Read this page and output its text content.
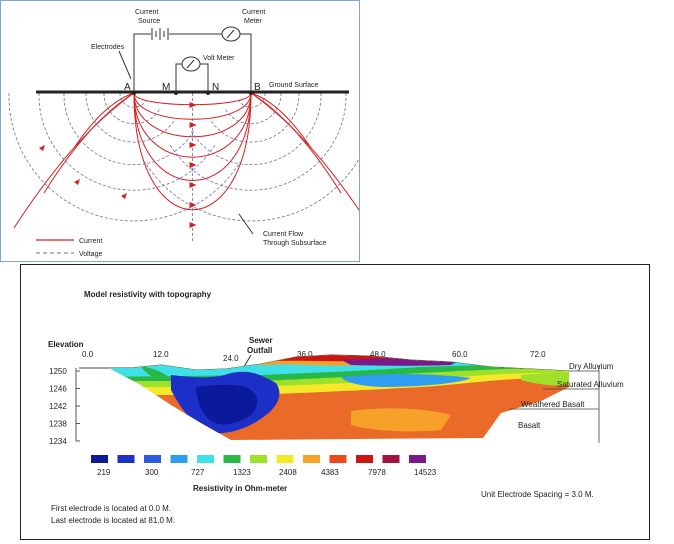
Current
Source
Current
Meter
Electrodes
Volt Meter
A	M	N	B Ground Surface
Current Flow
Through Subsurface
Current
Voltage
Model resistivity with topography
Elevation	Sewer
Outfall
1250
1246
1242
1238
1234
0.0	12.0	24.0	36.0	48.0	60.0	72.0
Dry Alluvium
Saturated Alluvium
Weathered Basalt
Basalt
219	300	727	1323	2408	4383	7978	14523
Resistivity in Ohm-meter
Unit Electrode Spacing = 3.0 M.
First electrode is located at 0.0 M.
Last electrode is located at 81.0 M.
